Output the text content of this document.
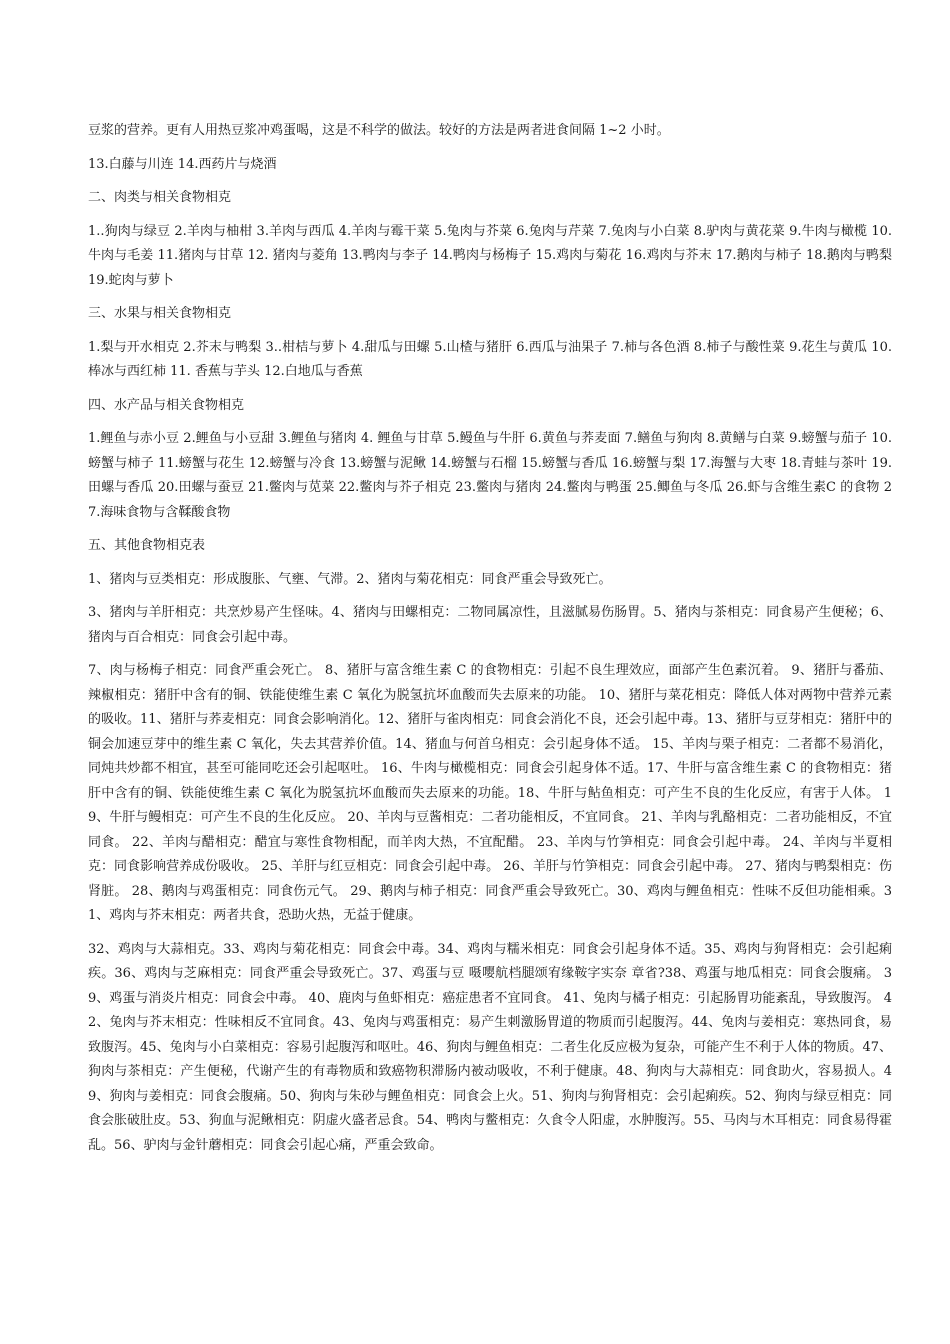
豆浆的营养。更有人用热豆浆冲鸡蛋喝，这是不科学的做法。较好的方法是两者进食间隔 1~2 小时。

13.白藤与川连 14.西药片与烧酒

二、肉类与相关食物相克

1..狗肉与绿豆 2.羊肉与柚柑 3.羊肉与西瓜 4.羊肉与霉干菜 5.兔肉与芥菜 6.兔肉与芹菜 7.兔肉与小白菜 8.驴肉与黄花菜 9.牛肉与橄榄 10. 牛肉与毛姜 11.猪肉与甘草 12. 猪肉与菱角 13.鸭肉与李子 14.鸭肉与杨梅子 15.鸡肉与菊花 16.鸡肉与芥末 17.鹅肉与柿子 18.鹅肉与鸭梨 19.蛇肉与萝卜

三、水果与相关食物相克

1.梨与开水相克 2.芥末与鸭梨 3..柑桔与萝卜 4.甜瓜与田螺 5.山楂与猪肝 6.西瓜与油果子 7.柿与各色酒 8.柿子与酸性菜 9.花生与黄瓜 10.棒冰与西红柿 11. 香蕉与芋头 12.白地瓜与香蕉

四、水产品与相关食物相克

1.鲤鱼与赤小豆 2.鲤鱼与小豆甜 3.鲤鱼与猪肉 4. 鲤鱼与甘草 5.鳗鱼与牛肝 6.黄鱼与荞麦面 7.鳝鱼与狗肉 8.黄鳝与白菜 9.螃蟹与茄子 10.螃蟹与柿子 11.螃蟹与花生 12.螃蟹与冷食 13.螃蟹与泥鳅 14.螃蟹与石榴 15.螃蟹与香瓜 16.螃蟹与梨 17.海蟹与大枣 18.青蛙与茶叶 19.田螺与香瓜 20.田螺与蚕豆 21.鳖肉与苋菜 22.鳖肉与芥子相克 23.鳖肉与猪肉 24.鳖肉与鸭蛋 25.鲫鱼与冬瓜 26.虾与含维生素C 的食物 27.海味食物与含鞣酸食物

五、其他食物相克表

1、猪肉与豆类相克：形成腹胀、气壅、气滞。2、猪肉与菊花相克：同食严重会导致死亡。

3、猪肉与羊肝相克：共烹炒易产生怪味。4、猪肉与田螺相克：二物同属凉性，且滋腻易伤肠胃。5、猪肉与茶相克：同食易产生便秘；6、猪肉与百合相克：同食会引起中毒。

7、肉与杨梅子相克：同食严重会死亡。 8、猪肝与富含维生素 C 的食物相克：引起不良生理效应，面部产生色素沉着。 9、猪肝与番茄、辣椒相克：猪肝中含有的铜、铁能使维生素 C 氧化为脱氢抗坏血酸而失去原来的功能。 10、猪肝与菜花相克：降低人体对两物中营养元素的吸收。11、猪肝与荞麦相克：同食会影响消化。12、猪肝与雀肉相克：同食会消化不良，还会引起中毒。13、猪肝与豆芽相克：猪肝中的铜会加速豆芽中的维生素 C 氧化，失去其营养价值。14、猪血与何首乌相克：会引起身体不适。 15、羊肉与栗子相克：二者都不易消化，同炖共炒都不相宜，甚至可能同吃还会引起呕吐。 16、牛肉与橄榄相克：同食会引起身体不适。17、牛肝与富含维生素 C 的食物相克：猪肝中含有的铜、铁能使维生素 C 氧化为脱氢抗坏血酸而失去原来的功能。18、牛肝与鲇鱼相克：可产生不良的生化反应，有害于人体。 19、牛肝与鳗相克：可产生不良的生化反应。 20、羊肉与豆酱相克：二者功能相反，不宜同食。 21、羊肉与乳酪相克：二者功能相反，不宜同食。 22、羊肉与醋相克：醋宜与寒性食物相配，而羊肉大热，不宜配醋。 23、羊肉与竹笋相克：同食会引起中毒。 24、羊肉与半夏相克：同食影响营养成份吸收。 25、羊肝与红豆相克：同食会引起中毒。 26、羊肝与竹笋相克：同食会引起中毒。 27、猪肉与鸭梨相克：伤肾脏。 28、鹅肉与鸡蛋相克：同食伤元气。 29、鹅肉与柿子相克：同食严重会导致死亡。30、鸡肉与鲤鱼相克：性味不反但功能相乘。31、鸡肉与芥末相克：两者共食，恐助火热，无益于健康。

32、鸡肉与大蒜相克。33、鸡肉与菊花相克：同食会中毒。34、鸡肉与糯米相克：同食会引起身体不适。35、鸡肉与狗肾相克：会引起痢疾。36、鸡肉与芝麻相克：同食严重会导致死亡。37、鸡蛋与豆 嗫嘤航档腿颂宥缘鞍字实奈 章省?38、鸡蛋与地瓜相克：同食会腹痛。 39、鸡蛋与消炎片相克：同食会中毒。 40、鹿肉与鱼虾相克：癌症患者不宜同食。 41、兔肉与橘子相克：引起肠胃功能紊乱，导致腹泻。 42、兔肉与芥末相克：性味相反不宜同食。43、兔肉与鸡蛋相克：易产生刺激肠胃道的物质而引起腹泻。44、兔肉与姜相克：寒热同食，易致腹泻。45、兔肉与小白菜相克：容易引起腹泻和呕吐。46、狗肉与鲤鱼相克：二者生化反应极为复杂，可能产生不利于人体的物质。47、狗肉与茶相克：产生便秘，代谢产生的有毒物质和致癌物积滞肠内被动吸收，不利于健康。48、狗肉与大蒜相克：同食助火，容易损人。49、狗肉与姜相克：同食会腹痛。50、狗肉与朱砂与鲤鱼相克：同食会上火。51、狗肉与狗肾相克：会引起痢疾。52、狗肉与绿豆相克：同食会胀破肚皮。53、狗血与泥鳅相克：阴虚火盛者忌食。54、鸭肉与鳖相克：久食令人阳虚，水肿腹泻。55、马肉与木耳相克：同食易得霍乱。56、驴肉与金针蘑相克：同食会引起心痛，严重会致命。
